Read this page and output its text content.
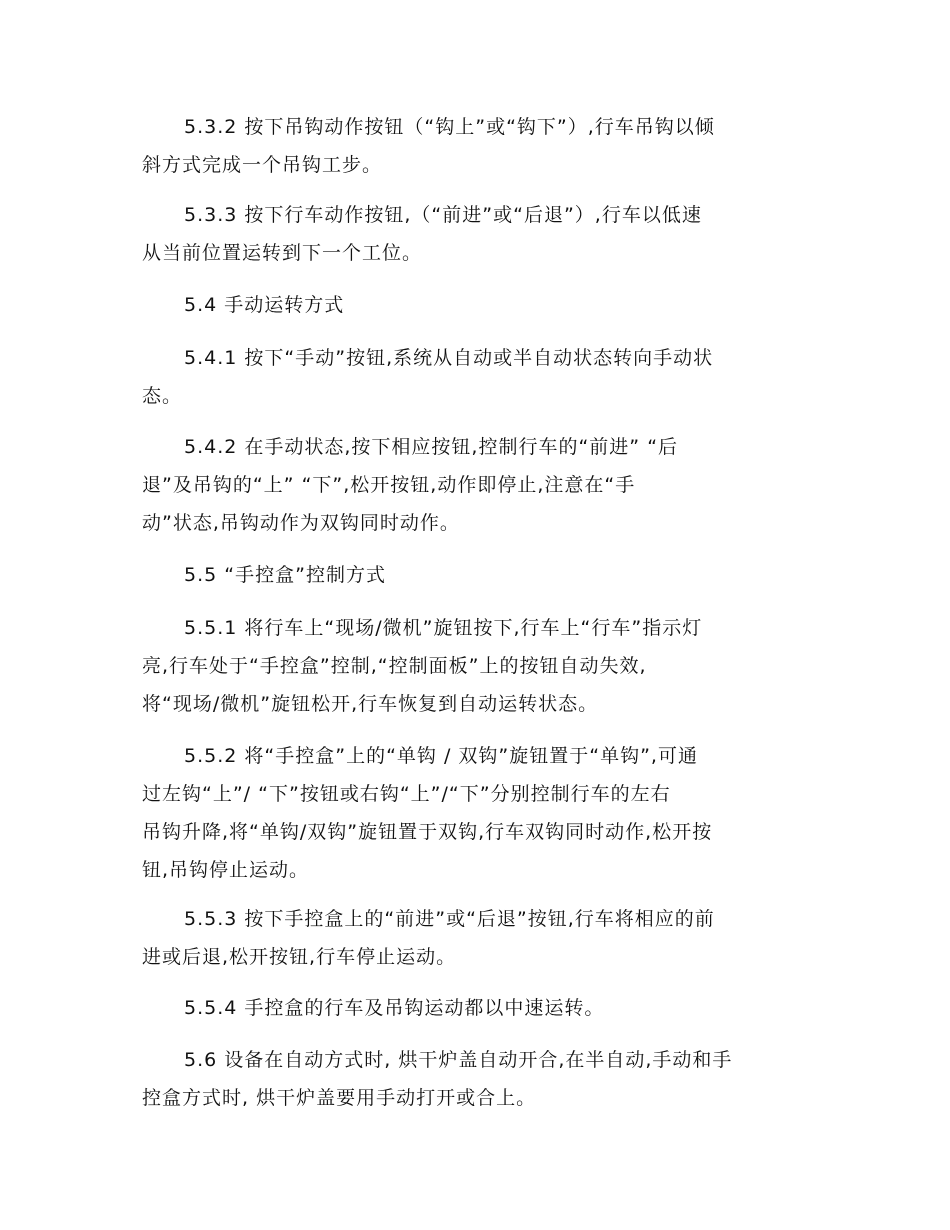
5.3.2 按下吊钩动作按钮（“钩上”或“钩下”）,行车吊钩以倾
斜方式完成一个吊钩工步。

5.3.3 按下行车动作按钮,（“前进”或“后退”）,行车以低速
从当前位置运转到下一个工位。

5.4 手动运转方式

5.4.1 按下“手动”按钮,系统从自动或半自动状态转向手动状
态。

5.4.2 在手动状态,按下相应按钮,控制行车的“前进” “后
退”及吊钩的“上” “下”,松开按钮,动作即停止,注意在“手
动”状态,吊钩动作为双钩同时动作。

5.5 “手控盒”控制方式

5.5.1 将行车上“现场/微机”旋钮按下,行车上“行车”指示灯
亮,行车处于“手控盒”控制,“控制面板”上的按钮自动失效,
将“现场/微机”旋钮松开,行车恢复到自动运转状态。

5.5.2 将“手控盒”上的“单钩 / 双钩”旋钮置于“单钩”,可通
过左钩“上”/ “下”按钮或右钩“上”/“下”分别控制行车的左右
吊钩升降,将“单钩/双钩”旋钮置于双钩,行车双钩同时动作,松开按
钮,吊钩停止运动。

5.5.3 按下手控盒上的“前进”或“后退”按钮,行车将相应的前
进或后退,松开按钮,行车停止运动。

5.5.4 手控盒的行车及吊钩运动都以中速运转。

5.6 设备在自动方式时, 烘干炉盖自动开合,在半自动,手动和手
控盒方式时, 烘干炉盖要用手动打开或合上。
